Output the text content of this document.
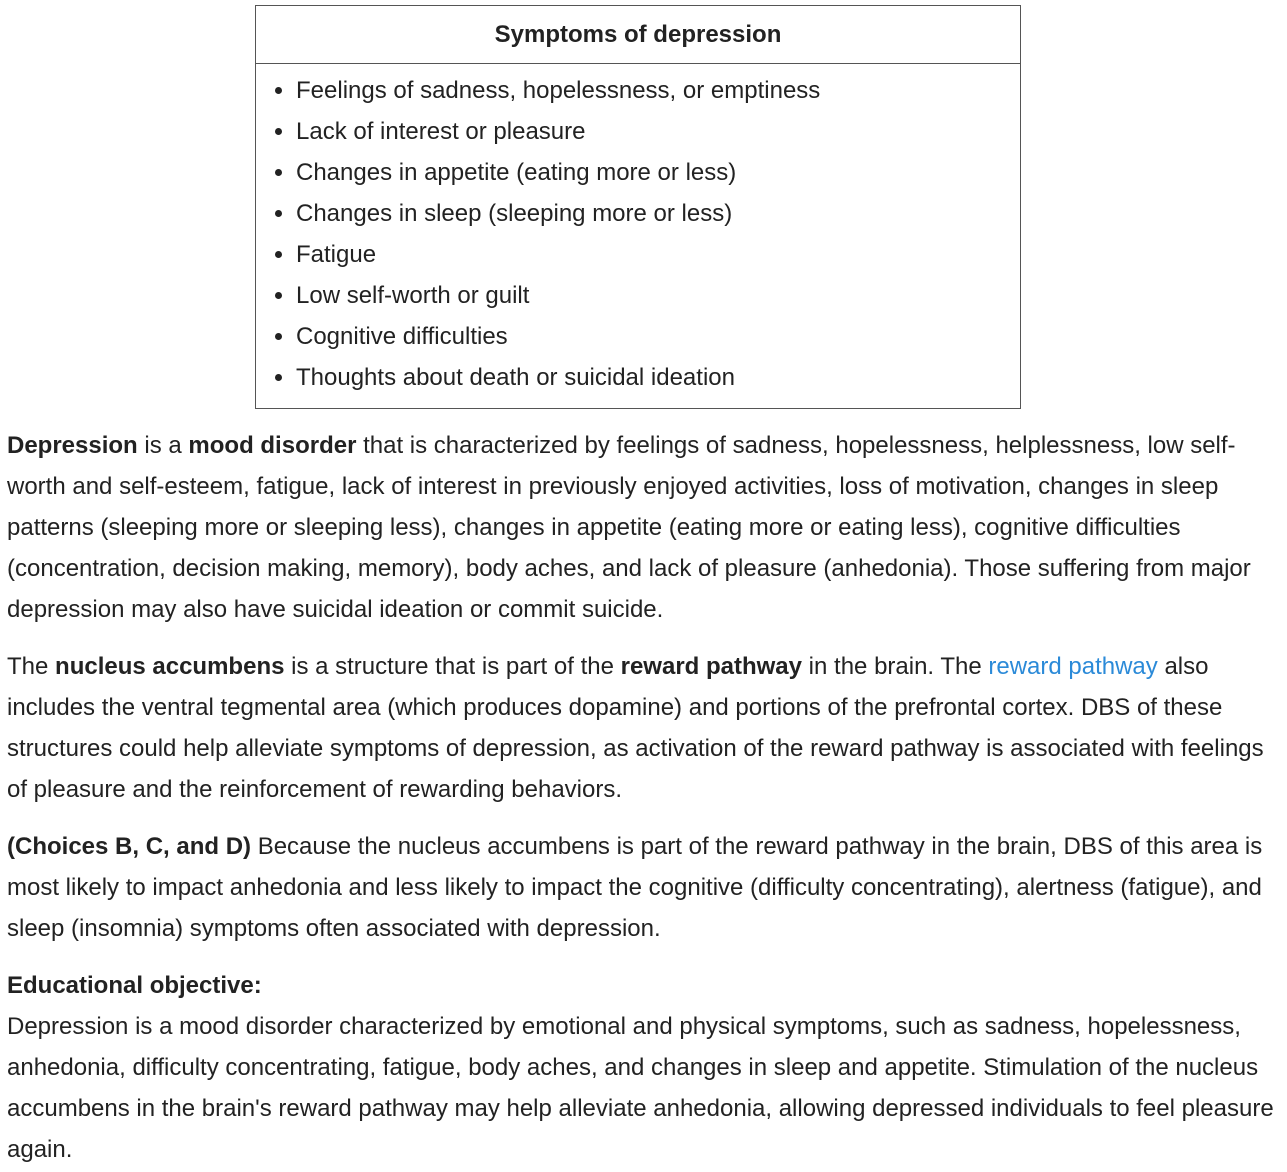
Symptoms of depression
• Feelings of sadness, hopelessness, or emptiness
• Lack of interest or pleasure
• Changes in appetite (eating more or less)
• Changes in sleep (sleeping more or less)
• Fatigue
• Low self-worth or guilt
• Cognitive difficulties
• Thoughts about death or suicidal ideation

Depression is a mood disorder that is characterized by feelings of sadness, hopelessness, helplessness, low self-worth and self-esteem, fatigue, lack of interest in previously enjoyed activities, loss of motivation, changes in sleep patterns (sleeping more or sleeping less), changes in appetite (eating more or eating less), cognitive difficulties (concentration, decision making, memory), body aches, and lack of pleasure (anhedonia). Those suffering from major depression may also have suicidal ideation or commit suicide.

The nucleus accumbens is a structure that is part of the reward pathway in the brain. The reward pathway also includes the ventral tegmental area (which produces dopamine) and portions of the prefrontal cortex. DBS of these structures could help alleviate symptoms of depression, as activation of the reward pathway is associated with feelings of pleasure and the reinforcement of rewarding behaviors.

(Choices B, C, and D) Because the nucleus accumbens is part of the reward pathway in the brain, DBS of this area is most likely to impact anhedonia and less likely to impact the cognitive (difficulty concentrating), alertness (fatigue), and sleep (insomnia) symptoms often associated with depression.

Educational objective:

Depression is a mood disorder characterized by emotional and physical symptoms, such as sadness, hopelessness, anhedonia, difficulty concentrating, fatigue, body aches, and changes in sleep and appetite. Stimulation of the nucleus accumbens in the brain's reward pathway may help alleviate anhedonia, allowing depressed individuals to feel pleasure again.
